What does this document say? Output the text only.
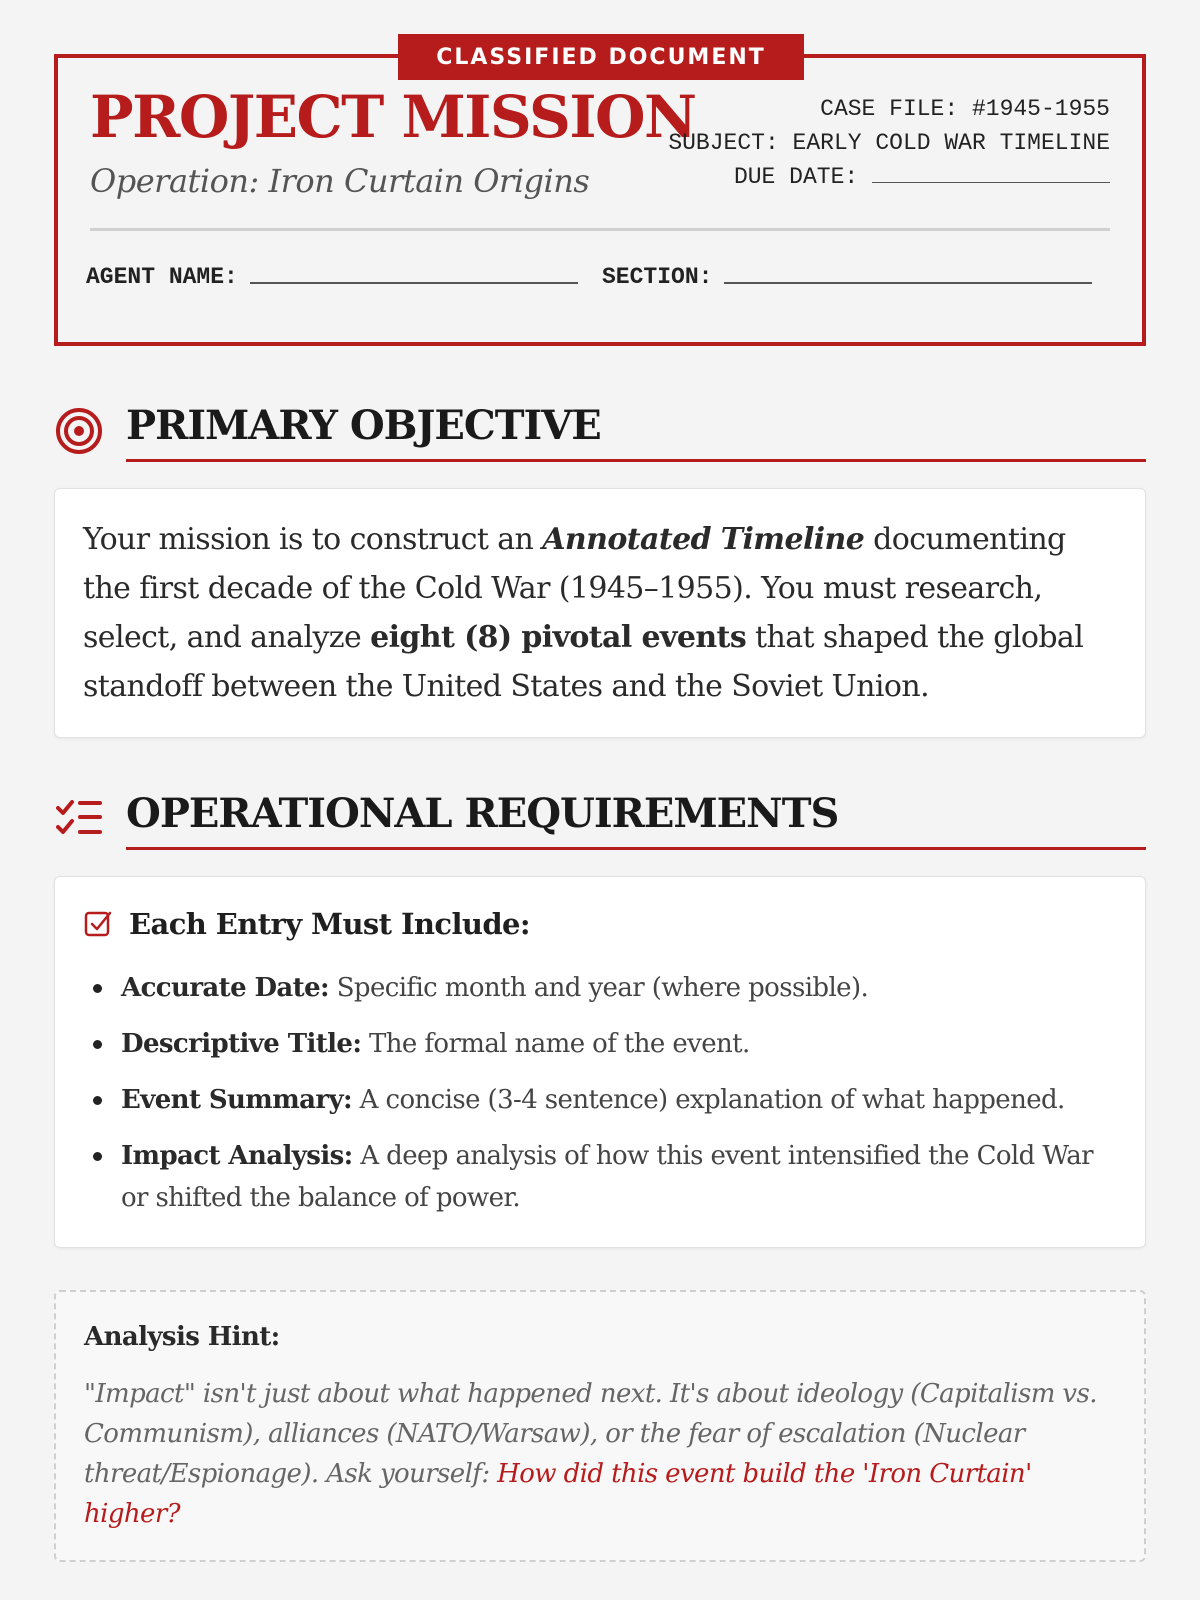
PROJECT MISSION
Operation: Iron Curtain Origins
CASE FILE: #1945-1955
SUBJECT: EARLY COLD WAR TIMELINE
DUE DATE:
AGENT NAME:	SECTION:
CLASSIFIED DOCUMENT
PRIMARY OBJECTIVE
Your mission is to construct an Annotated Timeline documenting the first decade of the Cold War (1945–1955). You must research, select, and analyze eight (8) pivotal events that shaped the global standoff between the United States and the Soviet Union.
OPERATIONAL REQUIREMENTS
Each Entry Must Include:
Accurate Date: Specific month and year (where possible).
Descriptive Title: The formal name of the event.
Event Summary: A concise (3-4 sentence) explanation of what happened.
Impact Analysis: A deep analysis of how this event intensified the Cold War or shifted the balance of power.
Analysis Hint:
"Impact" isn't just about what happened next. It's about ideology (Capitalism vs. Communism), alliances (NATO/Warsaw), or the fear of escalation (Nuclear threat/Espionage). Ask yourself: How did this event build the 'Iron Curtain' higher?
